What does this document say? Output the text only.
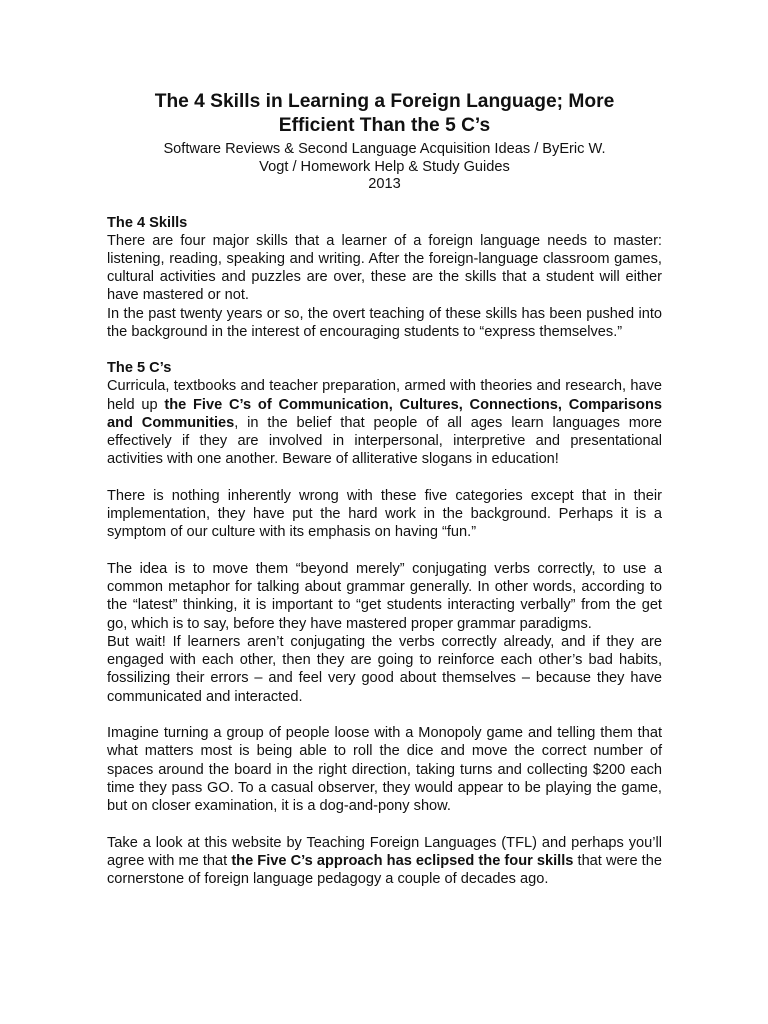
The 4 Skills in Learning a Foreign Language; More
Efficient Than the 5 C’s
Software Reviews & Second Language Acquisition Ideas / ByEric W.
Vogt / Homework Help & Study Guides
2013
The 4 Skills

There are four major skills that a learner of a foreign language needs to master: listening, reading, speaking and writing. After the foreign-language classroom games, cultural activities and puzzles are over, these are the skills that a student will either have mastered or not.

In the past twenty years or so, the overt teaching of these skills has been pushed into the background in the interest of encouraging students to “express themselves.”

The 5 C’s

Curricula, textbooks and teacher preparation, armed with theories and research, have held up the Five C’s of Communication, Cultures, Connections, Comparisons and Communities, in the belief that people of all ages learn languages more effectively if they are involved in interpersonal, interpretive and presentational activities with one another. Beware of alliterative slogans in education!

There is nothing inherently wrong with these five categories except that in their implementation, they have put the hard work in the background. Perhaps it is a symptom of our culture with its emphasis on having “fun.”

The idea is to move them “beyond merely” conjugating verbs correctly, to use a common metaphor for talking about grammar generally. In other words, according to the “latest” thinking, it is important to “get students interacting verbally” from the get go, which is to say, before they have mastered proper grammar paradigms.

But wait! If learners aren’t conjugating the verbs correctly already, and if they are engaged with each other, then they are going to reinforce each other’s bad habits, fossilizing their errors – and feel very good about themselves – because they have communicated and interacted.

Imagine turning a group of people loose with a Monopoly game and telling them that what matters most is being able to roll the dice and move the correct number of spaces around the board in the right direction, taking turns and collecting $200 each time they pass GO. To a casual observer, they would appear to be playing the game, but on closer examination, it is a dog-and-pony show.

Take a look at this website by Teaching Foreign Languages (TFL) and perhaps you’ll agree with me that the Five C’s approach has eclipsed the four skills that were the cornerstone of foreign language pedagogy a couple of decades ago.
